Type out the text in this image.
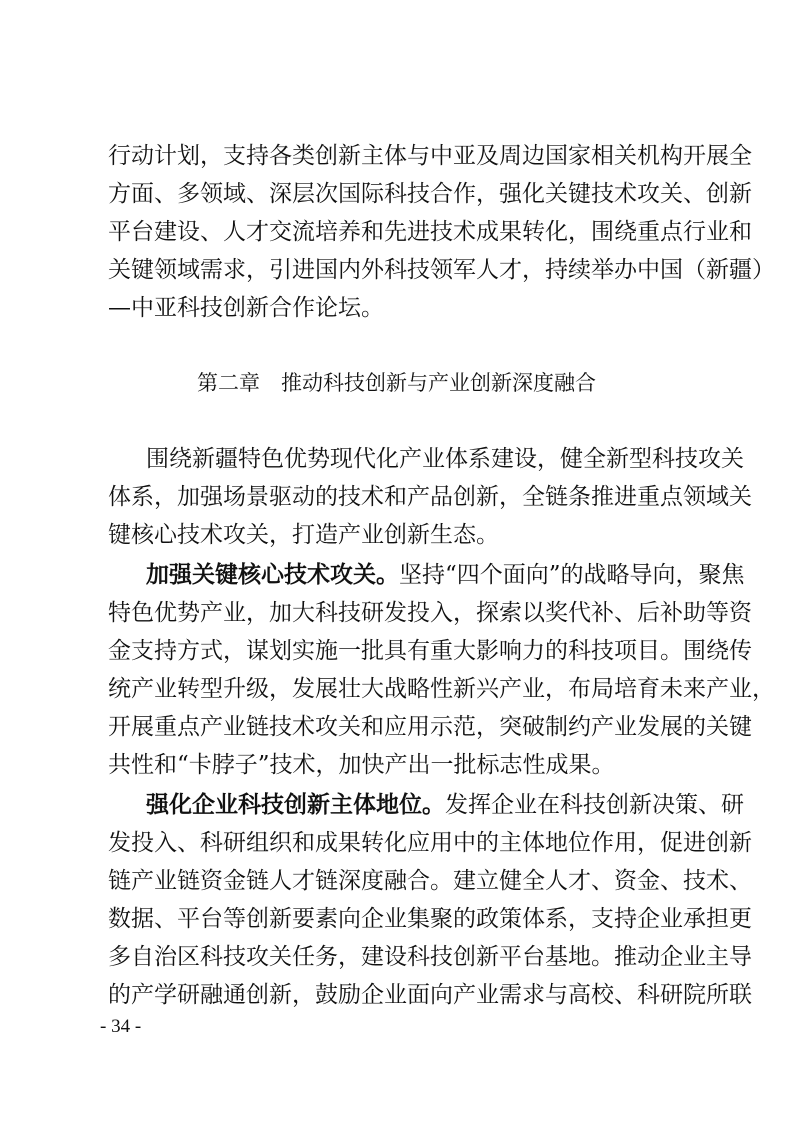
行动计划，支持各类创新主体与中亚及周边国家相关机构开展全
方面、多领域、深层次国际科技合作，强化关键技术攻关、创新
平台建设、人才交流培养和先进技术成果转化，围绕重点行业和
关键领域需求，引进国内外科技领军人才，持续举办中国（新疆）
—中亚科技创新合作论坛。
第二章　推动科技创新与产业创新深度融合
围绕新疆特色优势现代化产业体系建设，健全新型科技攻关
体系，加强场景驱动的技术和产品创新，全链条推进重点领域关
键核心技术攻关，打造产业创新生态。
加强关键核心技术攻关。坚持“四个面向”的战略导向，聚焦
特色优势产业，加大科技研发投入，探索以奖代补、后补助等资
金支持方式，谋划实施一批具有重大影响力的科技项目。围绕传
统产业转型升级，发展壮大战略性新兴产业，布局培育未来产业，
开展重点产业链技术攻关和应用示范，突破制约产业发展的关键
共性和“卡脖子”技术，加快产出一批标志性成果。
强化企业科技创新主体地位。发挥企业在科技创新决策、研
发投入、科研组织和成果转化应用中的主体地位作用，促进创新
链产业链资金链人才链深度融合。建立健全人才、资金、技术、
数据、平台等创新要素向企业集聚的政策体系，支持企业承担更
多自治区科技攻关任务，建设科技创新平台基地。推动企业主导
的产学研融通创新，鼓励企业面向产业需求与高校、科研院所联
- 34 -
